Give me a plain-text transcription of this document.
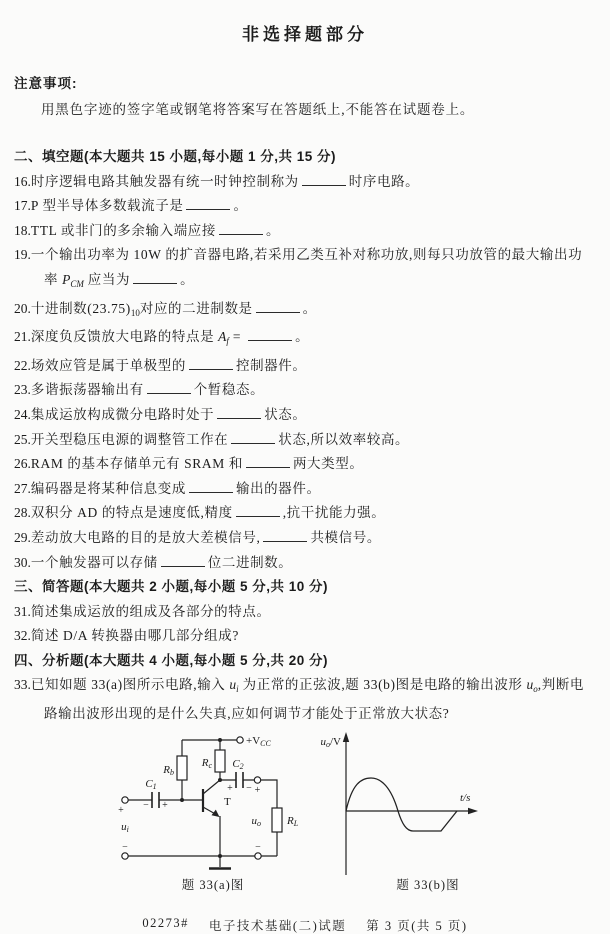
非选择题部分
注意事项:
用黑色字迹的签字笔或钢笔将答案写在答题纸上,不能答在试题卷上。
二、填空题(本大题共 15 小题,每小题 1 分,共 15 分)
16.时序逻辑电路其触发器有统一时钟控制称为	时序电路。
17.P 型半导体多数载流子是	。
18.TTL 或非门的多余输入端应接	。
19.一个输出功率为 10W 的扩音器电路,若采用乙类互补对称功放,则每只功放管的最大输出功率 $P_{CM}$ 应当为	。
20.十进制数$(23.75)_{10}$对应的二进制数是	。
21.深度负反馈放大电路的特点是 $A_f$ =	。
22.场效应管是属于单极型的	控制器件。
23.多谐振荡器输出有	个暂稳态。
24.集成运放构成微分电路时处于	状态。
25.开关型稳压电源的调整管工作在	状态,所以效率较高。
26.RAM 的基本存储单元有 SRAM 和	两大类型。
27.编码器是将某种信息变成	输出的器件。
28.双积分 AD 的特点是速度低,精度	,抗干扰能力强。
29.差动放大电路的目的是放大差模信号,	共模信号。
30.一个触发器可以存储	位二进制数。
三、简答题(本大题共 2 小题,每小题 5 分,共 10 分)
31.简述集成运放的组成及各部分的特点。
32.简述 D/A 转换器由哪几部分组成?
四、分析题(本大题共 4 小题,每小题 5 分,共 20 分)
33.已知如题 33(a)图所示电路,输入 $u_i$ 为正常的正弦波,题 33(b)图是电路的输出波形 $u_o$,判断电路输出波形出现的是什么失真,应如何调节才能处于正常放大状态?
+VCC
Rb
Rc
C1
C2
RL
ui
uo
T
+ − +
+ − +
−	−
题 33(a)图
uo/V
t/s
题 33(b)图
02273# 电子技术基础(二)试题 第 3 页(共 5 页)
